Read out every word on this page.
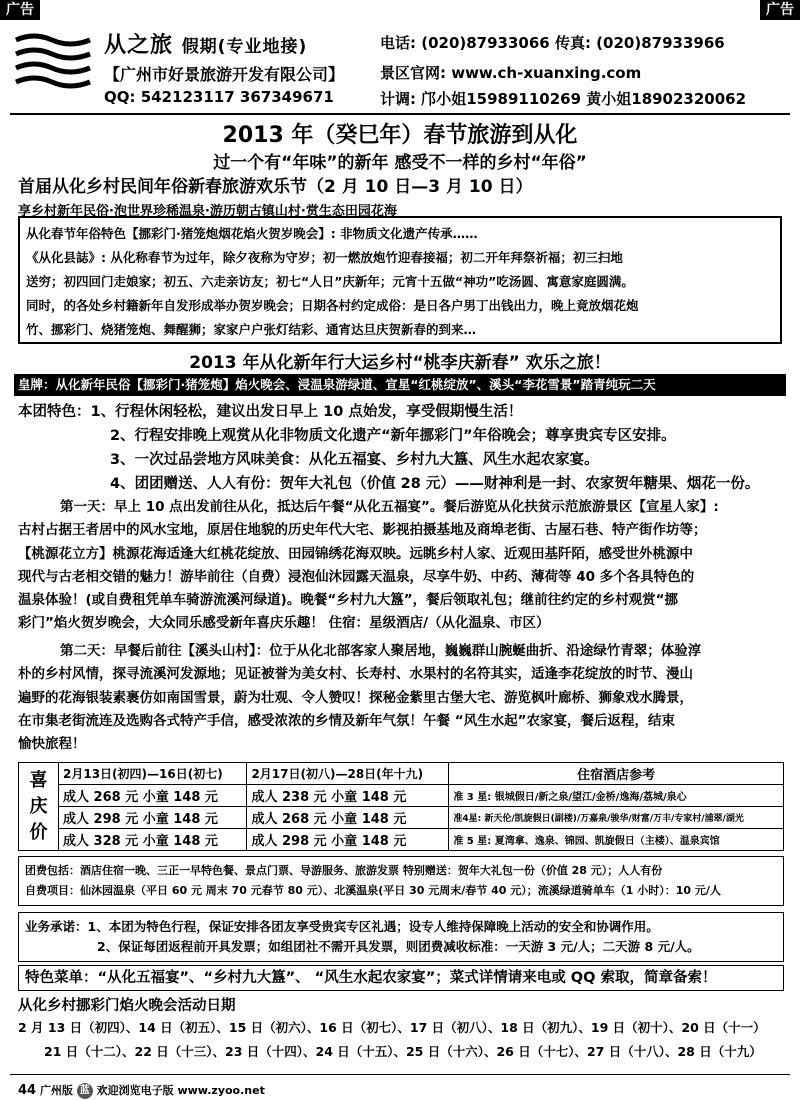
广告	广告
从之旅 假期(专业地接)
【广州市好景旅游开发有限公司】
QQ: 542123117 367349671
电话: (020)87933066 传真: (020)87933966
景区官网: www.ch-xuanxing.com
计调: 邝小姐15989110269 黄小姐18902320062
2013 年（癸巳年）春节旅游到从化
过一个有“年味”的新年 感受不一样的乡村“年俗”
首届从化乡村民间年俗新春旅游欢乐节（2 月 10 日—3 月 10 日）
享乡村新年民俗·泡世界珍稀温泉·游历朝古镇山村·赏生态田园花海

从化春节年俗特色【挪彩门·猪笼炮烟花焰火贺岁晚会】: 非物质文化遗产传承……

《从化县誌》: 从化称春节为过年，除夕夜称为守岁；初一燃放炮竹迎春接福；初二开年拜祭祈福；初三扫地

送穷；初四回门走娘家；初五、六走亲访友；初七“人日”庆新年；元宵十五做“神功”吃汤圆、寓意家庭圆满。

同时，的各处乡村籍新年自发形成举办贺岁晚会；日期各村约定成俗：是日各户男丁出钱出力，晚上竟放烟花炮

竹、挪彩门、烧猪笼炮、舞醒狮；家家户户张灯结彩、通宵达旦庆贺新春的到来…

2013 年从化新年行大运乡村“桃李庆新春” 欢乐之旅！
皇牌：从化新年民俗【挪彩门·猪笼炮】焰火晚会、浸温泉游绿道、宣星“红桃绽放”、溪头“李花雪景”踏青纯玩二天
本团特色：1、行程休闲轻松，建议出发日早上 10 点始发，享受假期慢生活！
2、行程安排晚上观赏从化非物质文化遗产“新年挪彩门”年俗晚会；尊享贵宾专区安排。
3、一次过品尝地方风味美食：从化五福宴、乡村九大簋、风生水起农家宴。
4、团团赠送、人人有份：贺年大礼包（价值 28 元）——财神利是一封、农家贺年糖果、烟花一份。

第一天：早上 10 点出发前往从化，抵达后午餐“从化五福宴”。餐后游览从化扶贫示范旅游景区【宣星人家】:

古村占据王者居中的风水宝地，原居住地貌的历史年代大宅、影视拍摄基地及商埠老街、古屋石巷、特产街作坊等；

【桃源花立方】桃源花海适逢大红桃花绽放、田园锦绣花海双映。远眺乡村人家、近观田基阡陌，感受世外桃源中

现代与古老相交错的魅力！游毕前往（自费）浸泡仙沐园露天温泉，尽享牛奶、中药、薄荷等 40 多个各具特色的

温泉体验！(或自费租凭单车骑游流溪河绿道)。晚餐“乡村九大簋”，餐后领取礼包；继前往约定的乡村观赏“挪

彩门”焰火贺岁晚会，大众同乐感受新年喜庆乐趣！ 住宿：星级酒店/（从化温泉、市区）

第二天：早餐后前往【溪头山村】：位于从化北部客家人聚居地，巍巍群山腕蜒曲折、沿途绿竹青翠；体验淳

朴的乡村风情，探寻流溪河发源地；见证被誉为美女村、长寿村、水果村的名符其实，适逢李花绽放的时节、漫山

遍野的花海银装素裹仿如南国雪景，蔚为壮观、令人赞叹！探秘金紫里古堡大宅、游览枫叶廊桥、狮象戏水腾景，

在市集老街流连及选购各式特产手信，感受浓浓的乡情及新年气氛！午餐 “风生水起”农家宴，餐后返程，结束

愉快旅程！

喜庆价	2月13日(初四)—16日(初七)	2月17日(初八)—28日(年十九)	住宿酒店参考
	成人 268 元 小童 148 元	成人 238 元 小童 148 元	准 3 星: 银城假日/新之泉/望江/金桥/逸海/荔城/泉心
	成人 298 元 小童 148 元	成人 268 元 小童 148 元	准4星: 新天伦/凯旋假日(副楼)/万嘉泉/骏华/财富/万丰/专家村/浦翠/湖光
	成人 328 元 小童 148 元	成人 298 元 小童 148 元	准 5 星: 夏湾拿、逸泉、锦园、凯旋假日（主楼）、温泉宾馆

团费包括：酒店住宿一晚、三正一早特色餐、景点门票、导游服务、旅游发票 特别赠送：贺年大礼包一份（价值 28 元）；人人有份

自费项目：仙沐园温泉（平日 60 元 周末 70 元春节 80 元）、北溪温泉(平日 30 元周末/春节 40 元）；流溪绿道骑单车（1 小时）：10 元/人

业务承诺：1、本团为特色行程，保证安排各团友享受贵宾专区礼遇；设专人维持保障晚上活动的安全和协调作用。

2、保证每团返程前开具发票；如组团社不需开具发票，则团费减收标准：一天游 3 元/人；二天游 8 元/人。

特色菜单：“从化五福宴”、“乡村九大簋”、 “风生水起农家宴”；菜式详情请来电或 QQ 索取，简章备索！
从化乡村挪彩门焰火晚会活动日期
2 月 13 日（初四）、14 日（初五）、15 日（初六）、16 日（初七）、17 日（初八）、18 日（初九）、19 日（初十）、20 日（十一）
21 日（十二）、22 日（十三）、23 日（十四）、24 日（十五）、25 日（十六）、26 日（十七）、27 日（十八）、28 日（十九）
44 广州版 蓝 欢迎浏览电子版 www.zyoo.net
